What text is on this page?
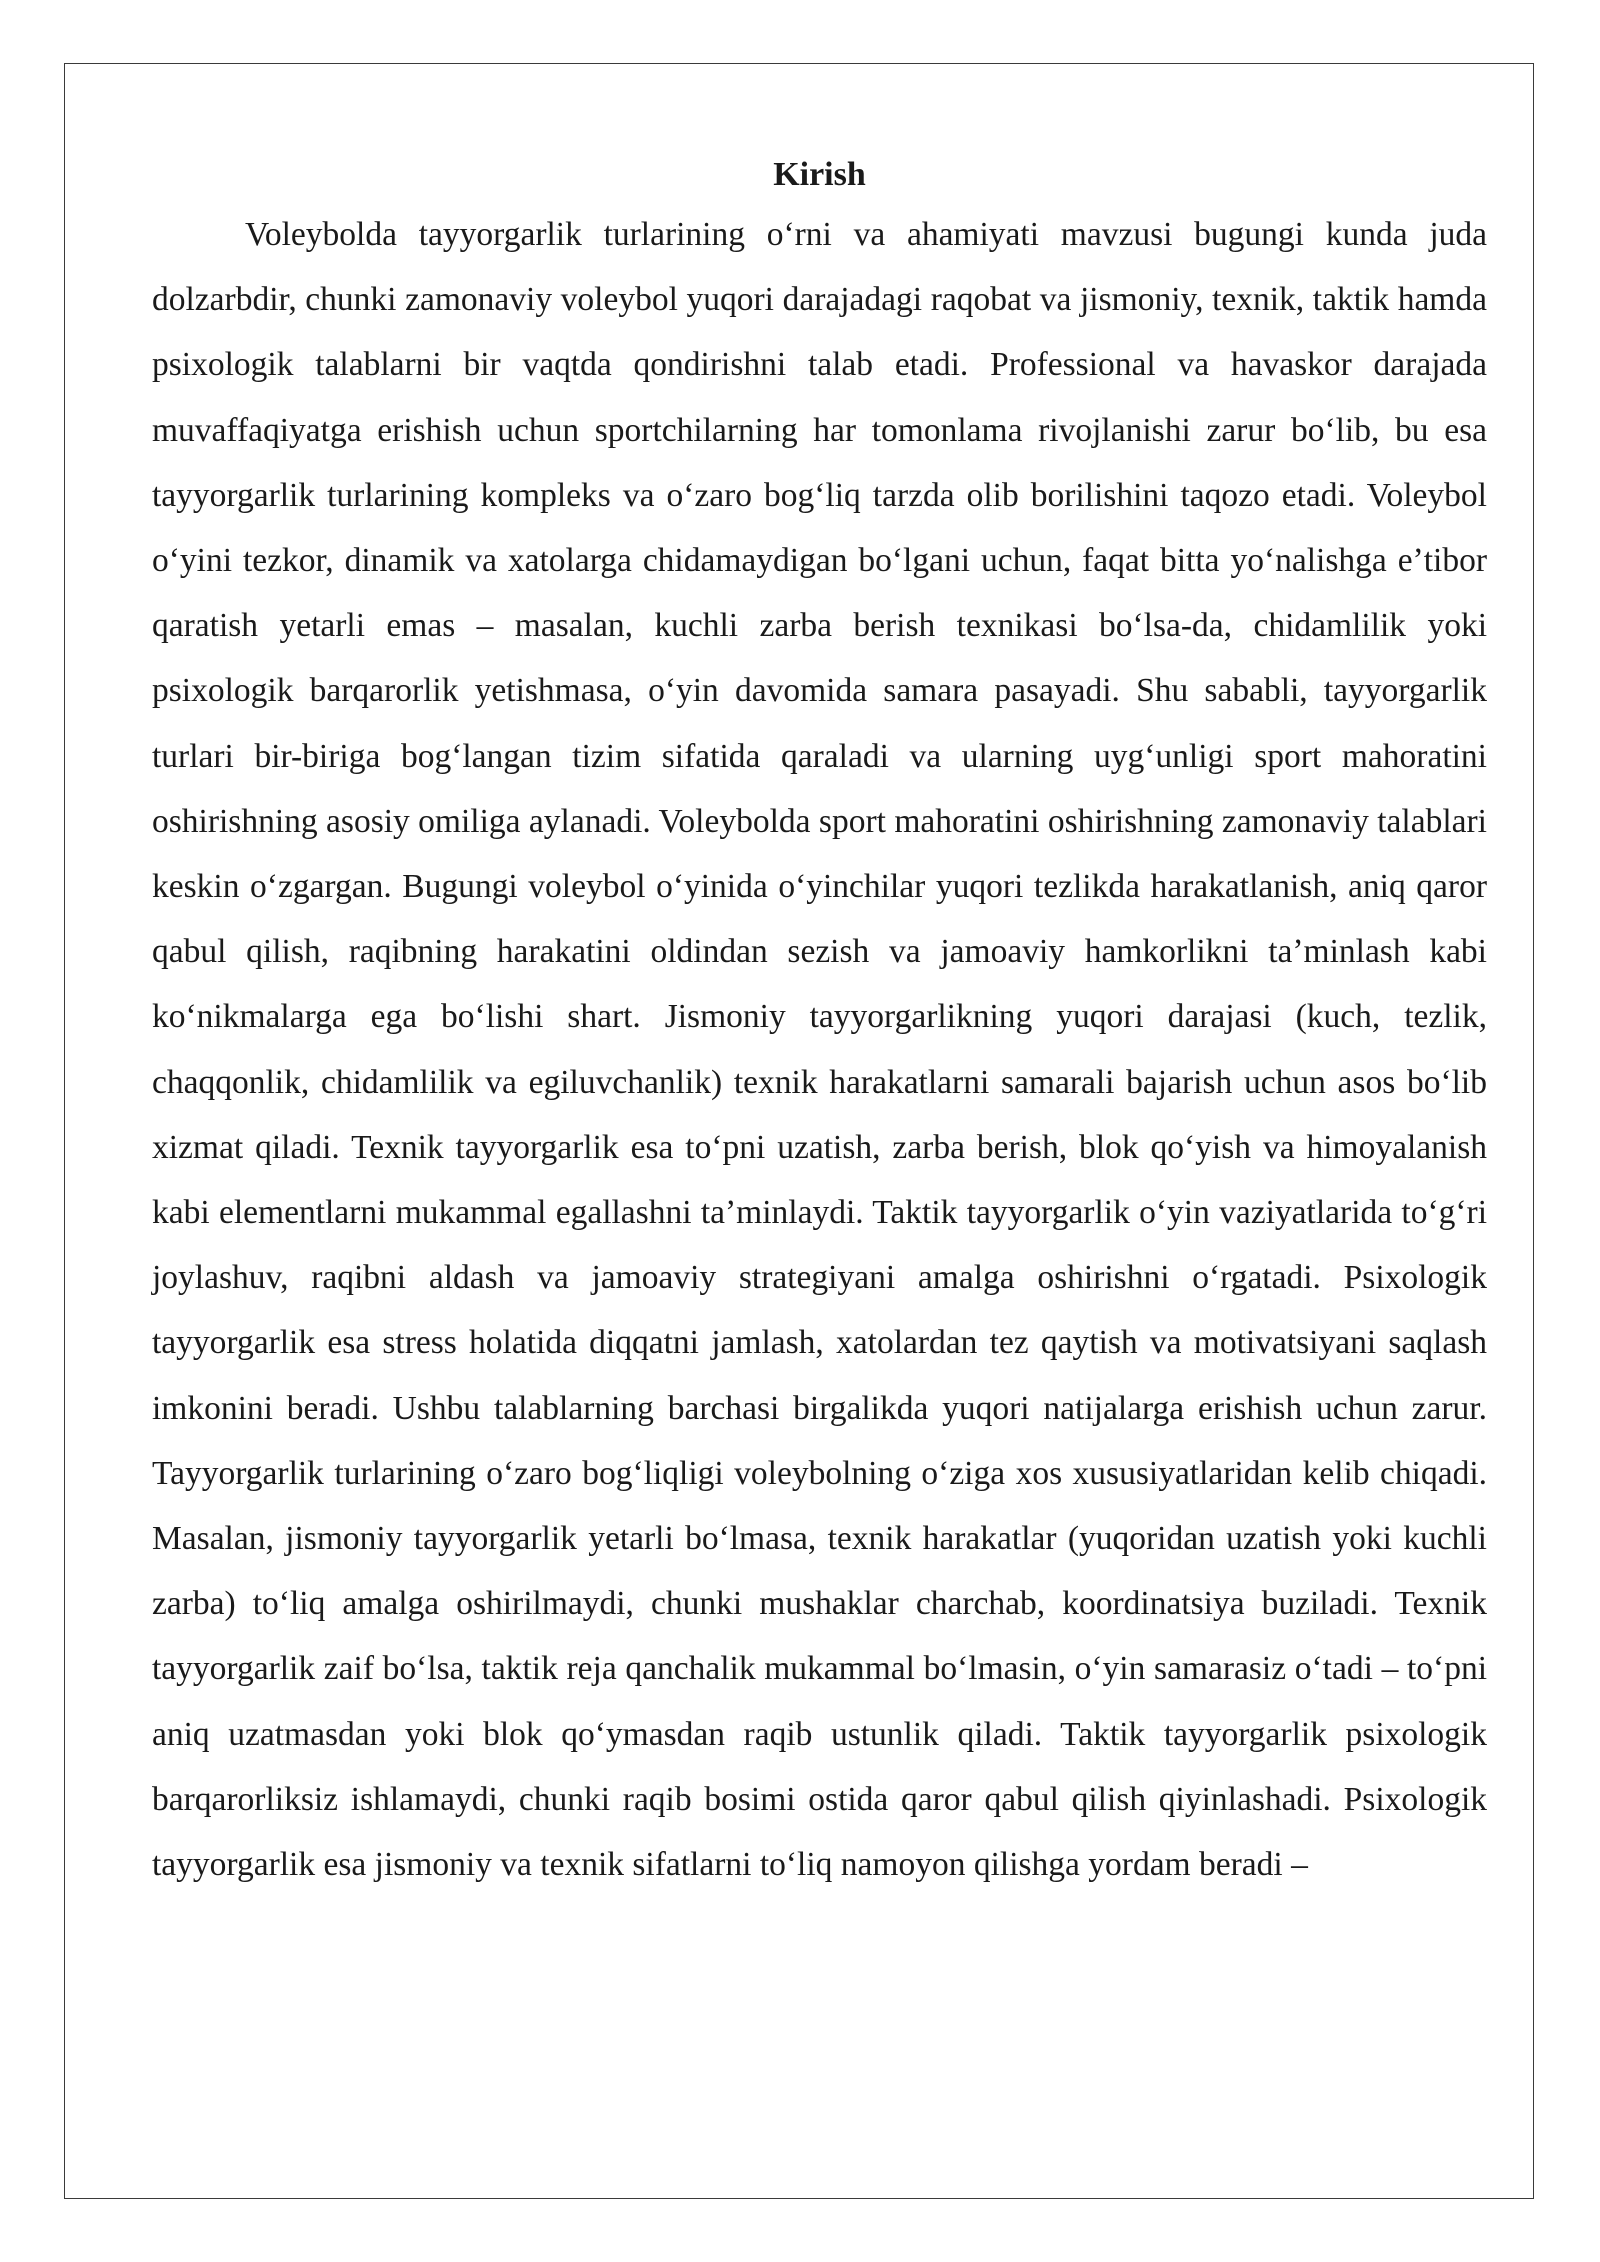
Kirish

Voleybolda tayyorgarlik turlarining oʻrni va ahamiyati mavzusi bugungi kunda juda dolzarbdir, chunki zamonaviy voleybol yuqori darajadagi raqobat va jismoniy, texnik, taktik hamda psixologik talablarni bir vaqtda qondirishni talab etadi. Professional va havaskor darajada muvaffaqiyatga erishish uchun sportchilarning har tomonlama rivojlanishi zarur boʻlib, bu esa tayyorgarlik turlarining kompleks va oʻzaro bogʻliq tarzda olib borilishini taqozo etadi. Voleybol oʻyini tezkor, dinamik va xatolarga chidamaydigan boʻlgani uchun, faqat bitta yoʻnalishga eʼtibor qaratish yetarli emas – masalan, kuchli zarba berish texnikasi boʻlsa-da, chidamlilik yoki psixologik barqarorlik yetishmasa, oʻyin davomida samara pasayadi. Shu sababli, tayyorgarlik turlari bir-biriga bogʻlangan tizim sifatida qaraladi va ularning uygʻunligi sport mahoratini oshirishning asosiy omiliga aylanadi. Voleybolda sport mahoratini oshirishning zamonaviy talablari keskin oʻzgargan. Bugungi voleybol oʻyinida oʻyinchilar yuqori tezlikda harakatlanish, aniq qaror qabul qilish, raqibning harakatini oldindan sezish va jamoaviy hamkorlikni taʼminlash kabi koʻnikmalarga ega boʻlishi shart. Jismoniy tayyorgarlikning yuqori darajasi (kuch, tezlik, chaqqonlik, chidamlilik va egiluvchanlik) texnik harakatlarni samarali bajarish uchun asos boʻlib xizmat qiladi. Texnik tayyorgarlik esa toʻpni uzatish, zarba berish, blok qoʻyish va himoyalanish kabi elementlarni mukammal egallashni taʼminlaydi. Taktik tayyorgarlik oʻyin vaziyatlarida toʻgʻri joylashuv, raqibni aldash va jamoaviy strategiyani amalga oshirishni oʻrgatadi. Psixologik tayyorgarlik esa stress holatida diqqatni jamlash, xatolardan tez qaytish va motivatsiyani saqlash imkonini beradi. Ushbu talablarning barchasi birgalikda yuqori natijalarga erishish uchun zarur. Tayyorgarlik turlarining oʻzaro bogʻliqligi voleybolning oʻziga xos xususiyatlaridan kelib chiqadi. Masalan, jismoniy tayyorgarlik yetarli boʻlmasa, texnik harakatlar (yuqoridan uzatish yoki kuchli zarba) toʻliq amalga oshirilmaydi, chunki mushaklar charchab, koordinatsiya buziladi. Texnik tayyorgarlik zaif boʻlsa, taktik reja qanchalik mukammal boʻlmasin, oʻyin samarasiz oʻtadi – toʻpni aniq uzatmasdan yoki blok qoʻymasdan raqib ustunlik qiladi. Taktik tayyorgarlik psixologik barqarorliksiz ishlamaydi, chunki raqib bosimi ostida qaror qabul qilish qiyinlashadi. Psixologik tayyorgarlik esa jismoniy va texnik sifatlarni toʻliq namoyon qilishga yordam beradi –
